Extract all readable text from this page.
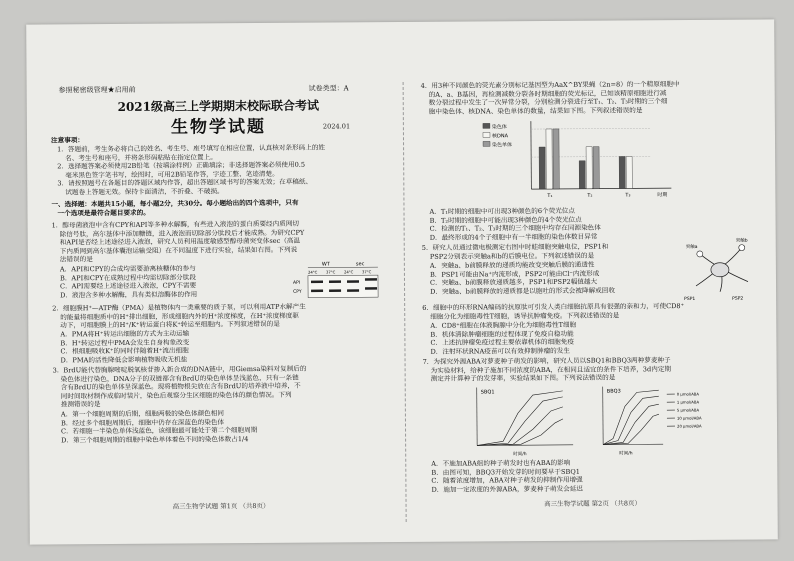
参照秘密级管理★启用前	试卷类型：A
2021级高三上学期期末校际联合考试
生物学试题	2024.01
注意事项：
1．答题前，考生务必将自己的姓名、考生号、座号填写在相应位置，认真核对条形码上的姓
名、考生号和座号，并将条形码粘贴在指定位置上。
2．选择题答案必须使用2B铅笔（按填涂样例）正确填涂；非选择题答案必须使用0.5
毫米黑色签字笔书写，绘图时，可用2B铅笔作答，字迹工整、笔迹清楚。
3．请按照题号在各题目的答题区域内作答，超出答题区域书写的答案无效；在草稿纸、
试题卷上答题无效。保持卡面清洁，不折叠、不破损。
一、选择题：本题共15小题，每小题2分，共30分。每小题给出的四个选项中，只有
一个选项是最符合题目要求的。
1．醇母菌液泡中含有CPY和API等多种水解酶，有些进入液泡的蛋白质要经内质网切
除信号肽，高尔基体中添加糖链，进入液泡而切除部分肽段后才能成熟。为研究CPY
和API是否经上述途径进入液泡，研究人员利用温度敏感型醇母菌突变体sec（高温
下内质网到高尔基体囊泡运输受阻）在不同温度下进行实验，结果如右图。下列说
法错误的是
A．API和CPY的合成均需要游离核糖体的参与
B．API和CPY在成熟过程中均需切除部分肽段
C．API需要经上述途径进入液泡，CPY不需要
D．液泡含多种水解酶，具有类似溶酶体的作用
WT	sec
24°C 37°C 24°C 37°C
API
CPY
2．细胞膜H⁺—ATP酶（PMA）是植物体内一类重要的质子泵，可以利用ATP水解产生
的能量将细胞质中的H⁺排出细胞，形成细胞内外的H⁺浓度梯度，在H⁺浓度梯度驱
动下，可细胞膜上的H⁺/K⁺转运蛋白将K⁺转运至细胞内。下列叙述错误的是
A．PMA将H⁺转运出细胞的方式为主动运输
B．H⁺转运过程中PMA会发生自身构象改变
C．根细胞吸收K⁺的同时伴随着H⁺流出细胞
D．PMA的活性降低会影响植物吸收无机盐
3．BrdU能代替胸腺嘧啶脱氧核苷掺入新合成的DNA链中，用Giemsa染料对复制后的
染色体进行染色，DNA分子的双链都含有BrdU的染色单体呈浅蓝色，只有一条链
含有BrdU的染色单体呈深蓝色。现将植物根尖放在含有BrdU的培养液中培养，不
同时间取材制作成临时装片，染色后观察分生区细胞的染色体的颜色情况。下列
推测错误的是
A．第一个细胞周期的后期，细胞两极的染色体颜色相同
B．经过多个细胞周期后，细胞中仍存在深蓝色的染色体
C．若细胞一半染色单体浅蓝色，该细胞最可能处于第二个细胞周期
D．第三个细胞周期的细胞中染色单体着色不同的染色体数占1/4
高三生物学试题 第1页 （共8页）
4．用3种不同颜色的荧光素分别标记基因型为AaX^BY果蝇（2n=8）的一个精原细胞中
的A、a、B基因，再检测减数分裂各时期细胞的荧光标记，已知该精原细胞进行减
数分裂过程中发生了一次异常分裂，分别检测分裂进行至T₁、T₂、T₃时期的三个细
胞中染色体、核DNA、染色单体的数量，结果如下图。下列叙述错误的是
染色体
核DNA
染色单体
T₁	T₂	T₃	时期
A．T₁时期的细胞中可出现3种颜色的6个荧光位点
B．T₂时期的细胞中可能出现3种颜色的4个荧光位点
C．检测的T₁、T₂、T₃时期的三个细胞中均存在同源染色体
D．最终形成的4个子细胞中有一半细胞的染色体数目异常
5．研究人员通过微电极测定右图中时蛙细胞突触电位，PSP1和
PSP2分别表示突触a和b的后膜电位。下列叙述错误的是
A．突触a、b前膜释放的递质均能改变突触后膜的通透性
B．PSP1可能由Na⁺内流形成，PSP2可能由Cl⁻内流形成
C．突触a、b前膜释放递质越多，PSP1和PSP2幅值越大
D．突触a、b前膜释放的递质都是以胞吐的形式会被降解或回收
突触a
突触b
PSP1	PSP2
6．细胞中的环形RNA编码的抗原肽可引发人类白细胞抗原具有很强的亲和力，可使CD8⁺
细胞分化为细胞毒性T细胞，诱导抗肿瘤免疫。下列叙述错误的是
A．CD8⁺细胞在体液胸腺中分化为细胞毒性T细胞
B．机体清除肿瘤细胞的过程体现了免疫自稳功能
C．上述抗肿瘤免疫过程主要依靠机体的细胞免疫
D．注射环状RNA疫苗可以有效抑制肿瘤的发生
7．为探究外源ABA对萝麦种子萌发的影响，研究人员以SBQ1和BBQ3两种萝麦种子
为实验材料，给种子施加不同浓度的ABA，在相同且适宜的条件下培养，3d内定期
测定并计算种子的发芽率，实验结果如下图。下列说法错误的是
SBQ1
时间/h
BBQ3
时间/h
0 μmol/ABA
1 μmol/ABA
5 μmol/ABA
10 μmol/ABA
20 μmol/ABA
A．不施加ABA组的种子萌发时也有ABA的影响
B．由图可知，BBQ3开始发芽的时间要早于SBQ1
C．随着浓度增加，ABA对种子萌发的抑制作用增强
D．施加一定浓度的外源ABA，萝麦种子萌发会延迟
高三生物学试题 第2页 （共8页）
